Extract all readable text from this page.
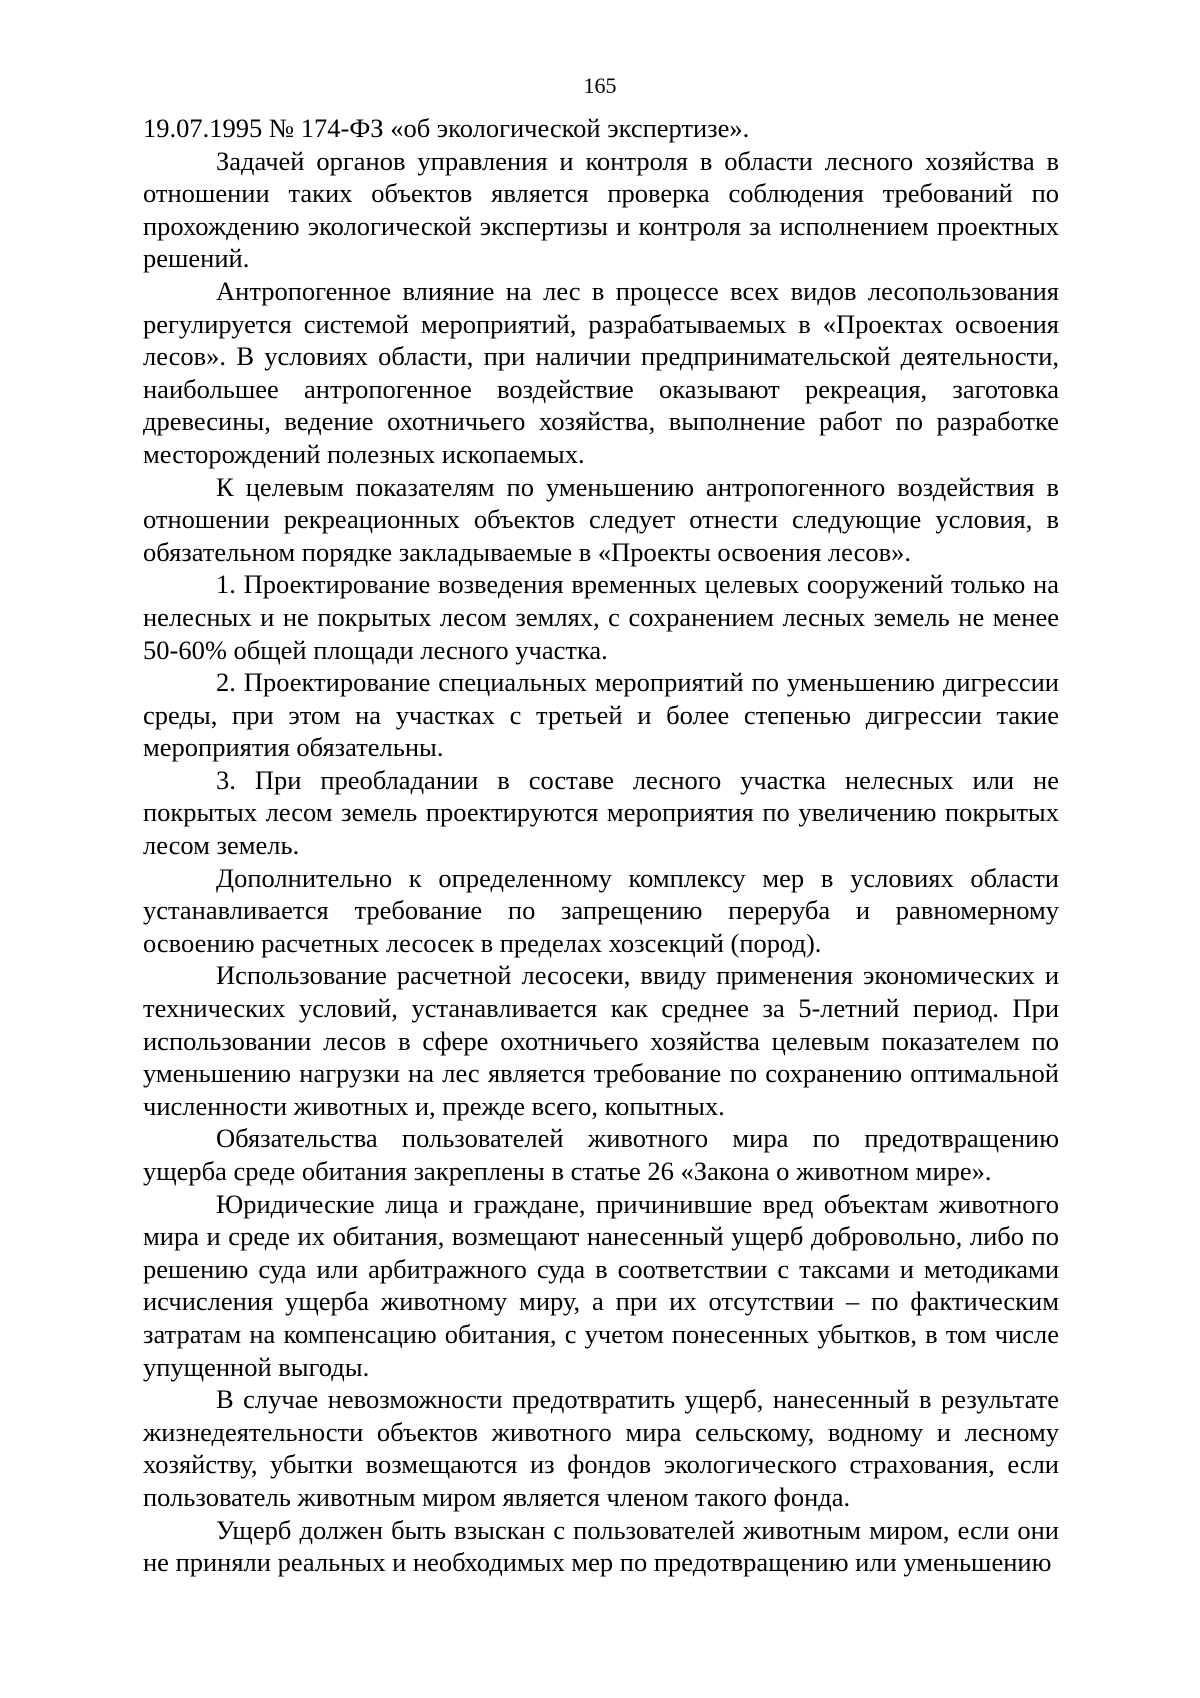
165

19.07.1995 № 174-ФЗ «об экологической экспертизе».

Задачей органов управления и контроля в области лесного хозяйства в отношении таких объектов является проверка соблюдения требований по прохождению экологической экспертизы и контроля за исполнением проектных решений.

Антропогенное влияние на лес в процессе всех видов лесопользования регулируется системой мероприятий, разрабатываемых в «Проектах освоения лесов». В условиях области, при наличии предпринимательской деятельности, наибольшее антропогенное воздействие оказывают рекреация, заготовка древесины, ведение охотничьего хозяйства, выполнение работ по разработке месторождений полезных ископаемых.

К целевым показателям по уменьшению антропогенного воздействия в отношении рекреационных объектов следует отнести следующие условия, в обязательном порядке закладываемые в «Проекты освоения лесов».

1. Проектирование возведения временных целевых сооружений только на нелесных и не покрытых лесом землях, с сохранением лесных земель не менее 50-60% общей площади лесного участка.

2. Проектирование специальных мероприятий по уменьшению дигрессии среды, при этом на участках с третьей и более степенью дигрессии такие мероприятия обязательны.

3. При преобладании в составе лесного участка нелесных или не покрытых лесом земель проектируются мероприятия по увеличению покрытых лесом земель.

Дополнительно к определенному комплексу мер в условиях области устанавливается требование по запрещению переруба и равномерному освоению расчетных лесосек в пределах хозсекций (пород).

Использование расчетной лесосеки, ввиду применения экономических и технических условий, устанавливается как среднее за 5-летний период. При использовании лесов в сфере охотничьего хозяйства целевым показателем по уменьшению нагрузки на лес является требование по сохранению оптимальной численности животных и, прежде всего, копытных.

Обязательства пользователей животного мира по предотвращению ущерба среде обитания закреплены в статье 26 «Закона о животном мире».

Юридические лица и граждане, причинившие вред объектам животного мира и среде их обитания, возмещают нанесенный ущерб добровольно, либо по решению суда или арбитражного суда в соответствии с таксами и методиками исчисления ущерба животному миру, а при их отсутствии – по фактическим затратам на компенсацию обитания, с учетом понесенных убытков, в том числе упущенной выгоды.

В случае невозможности предотвратить ущерб, нанесенный в результате жизнедеятельности объектов животного мира сельскому, водному и лесному хозяйству, убытки возмещаются из фондов экологического страхования, если пользователь животным миром является членом такого фонда.

Ущерб должен быть взыскан с пользователей животным миром, если они не приняли реальных и необходимых мер по предотвращению или уменьшению
